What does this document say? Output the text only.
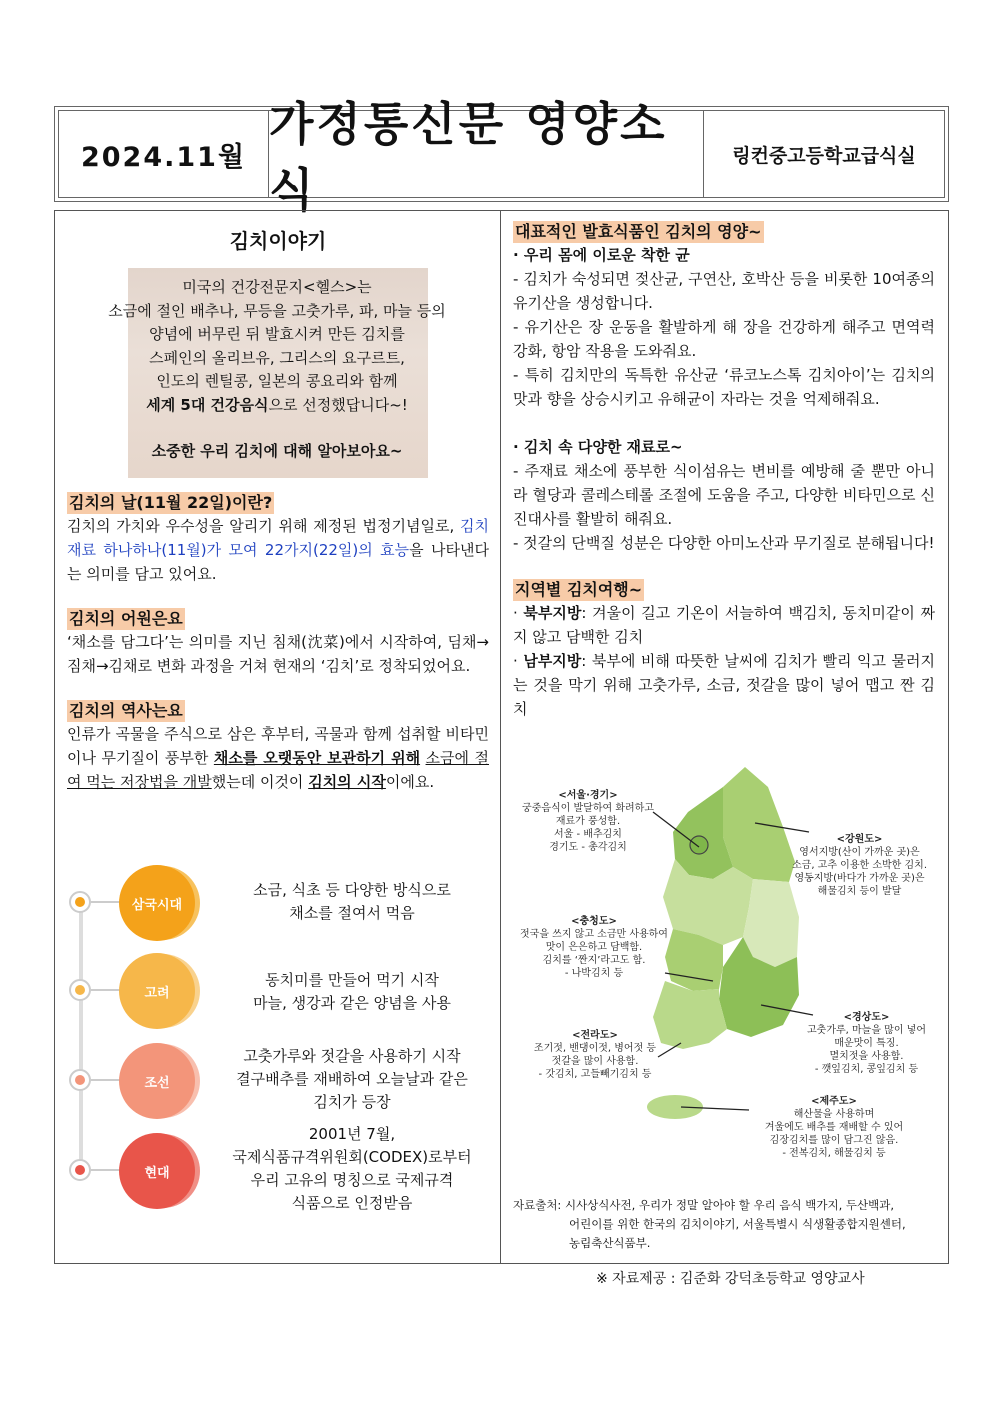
2024.11월
가정통신문 영양소식
링컨중고등학교급식실
김치이야기
미국의 건강전문지<헬스>는
소금에 절인 배추나, 무등을 고춧가루, 파, 마늘 등의
양념에 버무린 뒤 발효시켜 만든 김치를
스페인의 올리브유, 그리스의 요구르트,
인도의 렌틸콩, 일본의 콩요리와 함께
세계 5대 건강음식으로 선정했답니다~!
소중한 우리 김치에 대해 알아보아요~
김치의 날(11월 22일)이란?
김치의 가치와 우수성을 알리기 위해 제정된 법정기념일로, 김치 재료 하나하나(11월)가 모여 22가지(22일)의 효능을 나타낸다는 의미를 담고 있어요.
김치의 어원은요
‘채소를 담그다’는 의미를 지닌 침채(沈菜)에서 시작하여, 딤채→짐채→김채로 변화 과정을 거쳐 현재의 ‘김치’로 정착되었어요.
김치의 역사는요
인류가 곡물을 주식으로 삼은 후부터, 곡물과 함께 섭취할 비타민이나 무기질이 풍부한 채소를 오랫동안 보관하기 위해 소금에 절여 먹는 저장법을 개발했는데 이것이 김치의 시작이에요.
삼국시대
소금, 식초 등 다양한 방식으로
채소를 절여서 먹음
고려
동치미를 만들어 먹기 시작
마늘, 생강과 같은 양념을 사용
조선
고춧가루와 젓갈을 사용하기 시작
결구배추를 재배하여 오늘날과 같은
김치가 등장
현대
2001년 7월,
국제식품규격위원회(CODEX)로부터
우리 고유의 명칭으로 국제규격
식품으로 인정받음
대표적인 발효식품인 김치의 영양~
· 우리 몸에 이로운 착한 균
- 김치가 숙성되면 젖산균, 구연산, 호박산 등을 비롯한 10여종의 유기산을 생성합니다.
- 유기산은 장 운동을 활발하게 해 장을 건강하게 해주고 면역력 강화, 항암 작용을 도와줘요.
- 특히 김치만의 독특한 유산균 ‘류코노스톡 김치아이’는 김치의 맛과 향을 상승시키고 유해균이 자라는 것을 억제해줘요.
· 김치 속 다양한 재료로~
- 주재료 채소에 풍부한 식이섬유는 변비를 예방해 줄 뿐만 아니라 혈당과 콜레스테롤 조절에 도움을 주고, 다양한 비타민으로 신진대사를 활발히 해줘요.
- 젓갈의 단백질 성분은 다양한 아미노산과 무기질로 분해됩니다!
지역별 김치여행~
· 북부지방: 겨울이 길고 기온이 서늘하여 백김치, 동치미같이 짜지 않고 담백한 김치
· 남부지방: 북부에 비해 따뜻한 날씨에 김치가 빨리 익고 물러지는 것을 막기 위해 고춧가루, 소금, 젓갈을 많이 넣어 맵고 짠 김치
<서울·경기>
궁중음식이 발달하여 화려하고
재료가 풍성함.
서울 - 배추김치
경기도 - 총각김치
<강원도>
영서지방(산이 가까운 곳)은
소금, 고추 이용한 소박한 김치.
영동지방(바다가 가까운 곳)은
해물김치 등이 발달
<충청도>
젓국을 쓰지 않고 소금만 사용하여
맛이 은은하고 담백함.
김치를 ‘짠지’라고도 함.
- 나박김치 등
<경상도>
고춧가루, 마늘을 많이 넣어
매운맛이 특징.
멸치젓을 사용함.
- 깻잎김치, 콩잎김치 등
<전라도>
조기젓, 밴댕이젓, 병어젓 등
젓갈을 많이 사용함.
- 갓김치, 고들빼기김치 등
<제주도>
해산물을 사용하며
겨울에도 배추를 재배할 수 있어
김장김치를 많이 담그진 않음.
- 전복김치, 해물김치 등
자료출처: 시사상식사전, 우리가 정말 알아야 할 우리 음식 백가지, 두산백과,
어린이를 위한 한국의 김치이야기, 서울특별시 식생활종합지원센터,
농림축산식품부.
※ 자료제공 : 김준화 강덕초등학교 영양교사
